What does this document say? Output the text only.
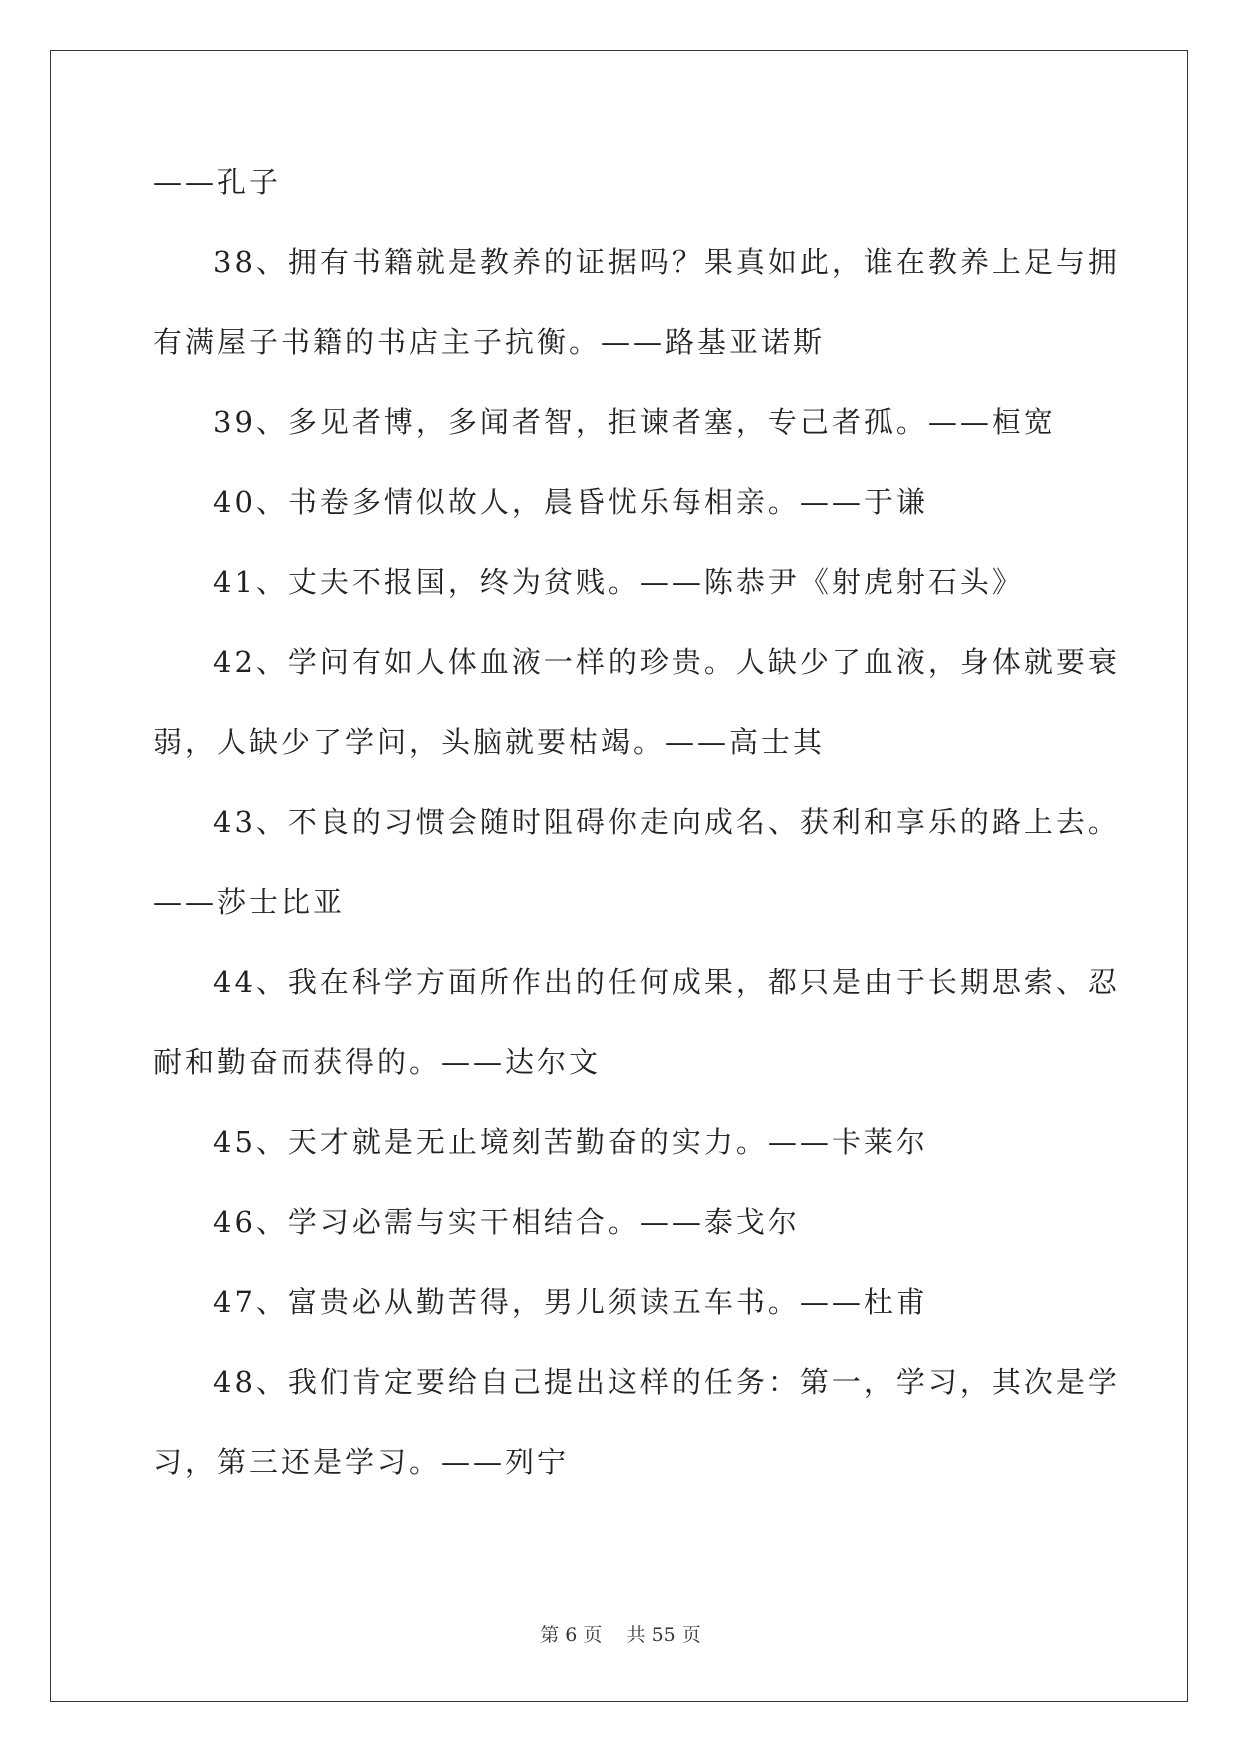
——孔子
38、拥有书籍就是教养的证据吗？果真如此，谁在教养上足与拥
有满屋子书籍的书店主子抗衡。——路基亚诺斯
39、多见者博，多闻者智，拒谏者塞，专己者孤。——桓宽
40、书卷多情似故人，晨昏忧乐每相亲。——于谦
41、丈夫不报国，终为贫贱。——陈恭尹《射虎射石头》
42、学问有如人体血液一样的珍贵。人缺少了血液，身体就要衰
弱，人缺少了学问，头脑就要枯竭。——高士其
43、不良的习惯会随时阻碍你走向成名、获利和享乐的路上去。
——莎士比亚
44、我在科学方面所作出的任何成果，都只是由于长期思索、忍
耐和勤奋而获得的。——达尔文
45、天才就是无止境刻苦勤奋的实力。——卡莱尔
46、学习必需与实干相结合。——泰戈尔
47、富贵必从勤苦得，男儿须读五车书。——杜甫
48、我们肯定要给自己提出这样的任务：第一，学习，其次是学
习，第三还是学习。——列宁
第 6 页 共 55 页
